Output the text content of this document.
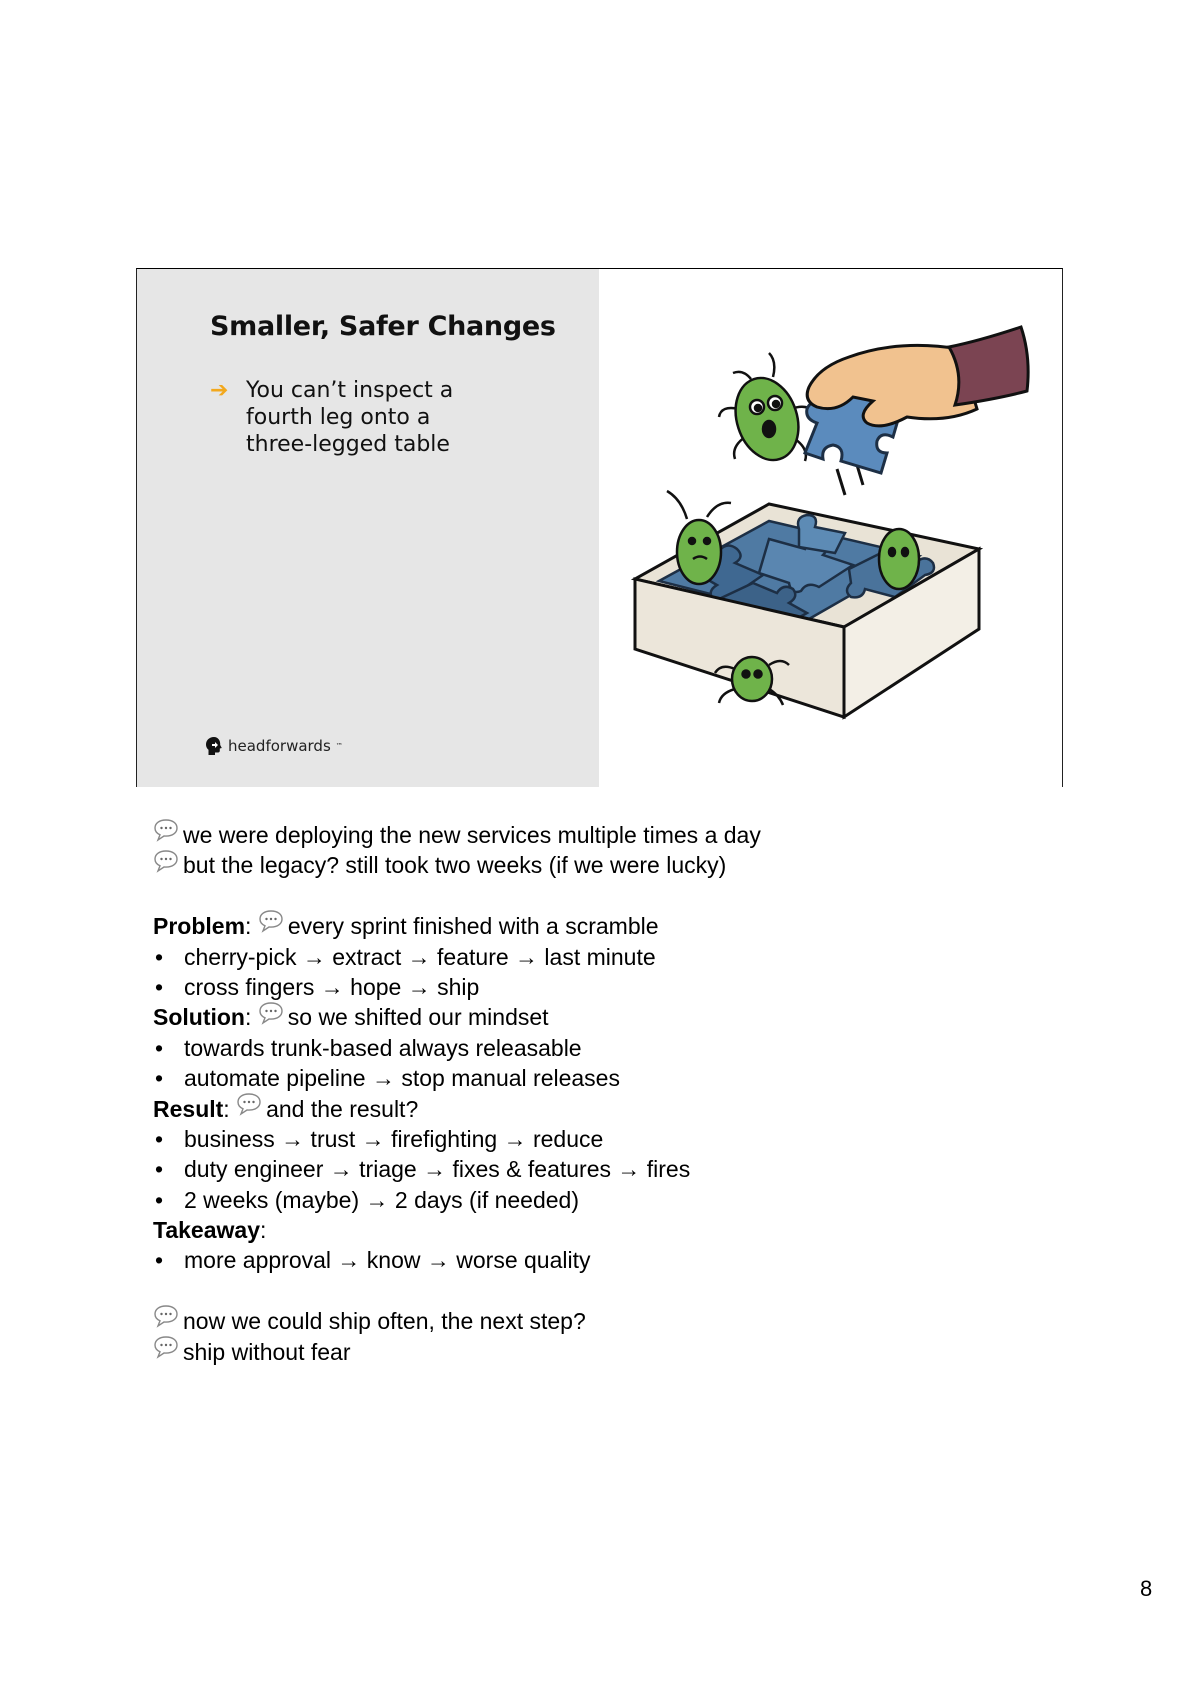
Smaller, Safer Changes
➔ You can’t inspect a fourth leg onto a three-legged table
headforwards ™
we were deploying the new services multiple times a day
but the legacy? still took two weeks (if we were lucky)
Problem : every sprint finished with a scramble
• cherry-pick → extract → feature → last minute
• cross fingers → hope → ship
Solution : so we shifted our mindset
• towards trunk-based always releasable
• automate pipeline → stop manual releases
Result : and the result?
• business → trust → firefighting → reduce
• duty engineer → triage → fixes & features → fires
• 2 weeks (maybe) → 2 days (if needed)
Takeaway :
• more approval → know → worse quality
now we could ship often, the next step?
ship without fear
8
